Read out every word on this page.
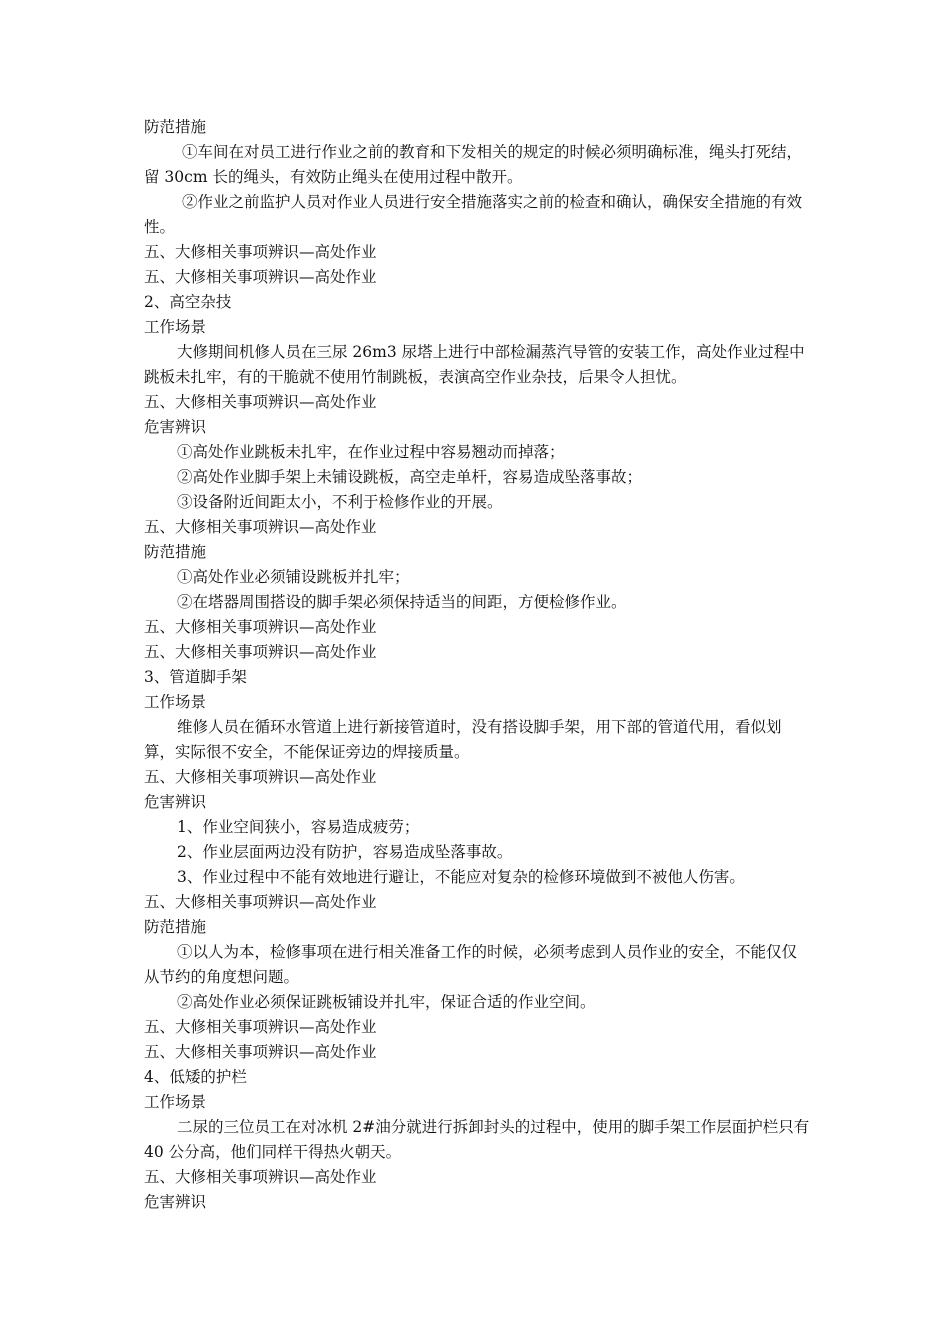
防范措施

①车间在对员工进行作业之前的教育和下发相关的规定的时候必须明确标准，绳头打死结，留 30cm 长的绳头，有效防止绳头在使用过程中散开。

②作业之前监护人员对作业人员进行安全措施落实之前的检查和确认，确保安全措施的有效性。

五、大修相关事项辨识—高处作业

五、大修相关事项辨识—高处作业

2、高空杂技

工作场景

大修期间机修人员在三尿 26m3 尿塔上进行中部检漏蒸汽导管的安装工作，高处作业过程中跳板未扎牢，有的干脆就不使用竹制跳板，表演高空作业杂技，后果令人担忧。

五、大修相关事项辨识—高处作业

危害辨识

①高处作业跳板未扎牢，在作业过程中容易翘动而掉落；

②高处作业脚手架上未铺设跳板，高空走单杆，容易造成坠落事故；

③设备附近间距太小，不利于检修作业的开展。

五、大修相关事项辨识—高处作业

防范措施

①高处作业必须铺设跳板并扎牢；

②在塔器周围搭设的脚手架必须保持适当的间距，方便检修作业。

五、大修相关事项辨识—高处作业

五、大修相关事项辨识—高处作业

3、管道脚手架

工作场景

维修人员在循环水管道上进行新接管道时，没有搭设脚手架，用下部的管道代用，看似划算，实际很不安全，不能保证旁边的焊接质量。

五、大修相关事项辨识—高处作业

危害辨识

1、作业空间狭小，容易造成疲劳；

2、作业层面两边没有防护，容易造成坠落事故。

3、作业过程中不能有效地进行避让，不能应对复杂的检修环境做到不被他人伤害。

五、大修相关事项辨识—高处作业

防范措施

①以人为本，检修事项在进行相关准备工作的时候，必须考虑到人员作业的安全，不能仅仅从节约的角度想问题。

②高处作业必须保证跳板铺设并扎牢，保证合适的作业空间。

五、大修相关事项辨识—高处作业

五、大修相关事项辨识—高处作业

4、低矮的护栏

工作场景

二尿的三位员工在对冰机 2#油分就进行拆卸封头的过程中，使用的脚手架工作层面护栏只有 40 公分高，他们同样干得热火朝天。

五、大修相关事项辨识—高处作业

危害辨识
